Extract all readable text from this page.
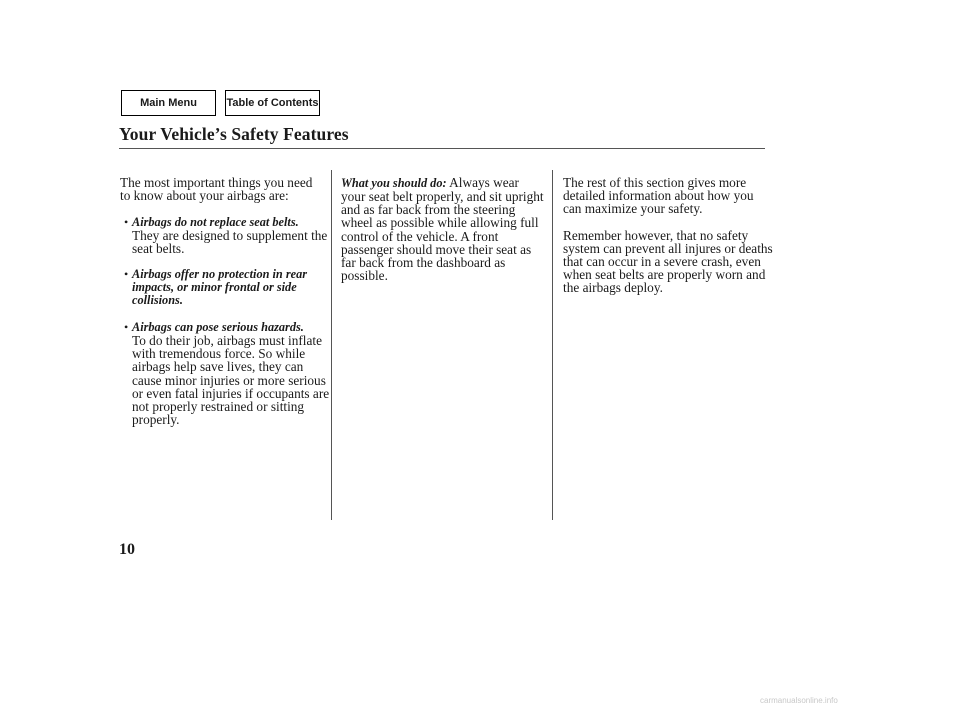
Main Menu	Table of Contents
Your Vehicle’s Safety Features

The most important things you need to know about your airbags are:

• Airbags do not replace seat belts.

They are designed to supplement the seat belts.

• Airbags offer no protection in rear impacts, or minor frontal or side collisions.

• Airbags can pose serious hazards.

To do their job, airbags must inflate with tremendous force. So while airbags help save lives, they can cause minor injuries or more serious or even fatal injuries if occupants are not properly restrained or sitting properly.

What you should do: Always wear your seat belt properly, and sit upright and as far back from the steering wheel as possible while allowing full control of the vehicle. A front passenger should move their seat as far back from the dashboard as possible.

The rest of this section gives more detailed information about how you can maximize your safety.

Remember however, that no safety system can prevent all injures or deaths that can occur in a severe crash, even when seat belts are properly worn and the airbags deploy.

10
carmanualsonline.info
